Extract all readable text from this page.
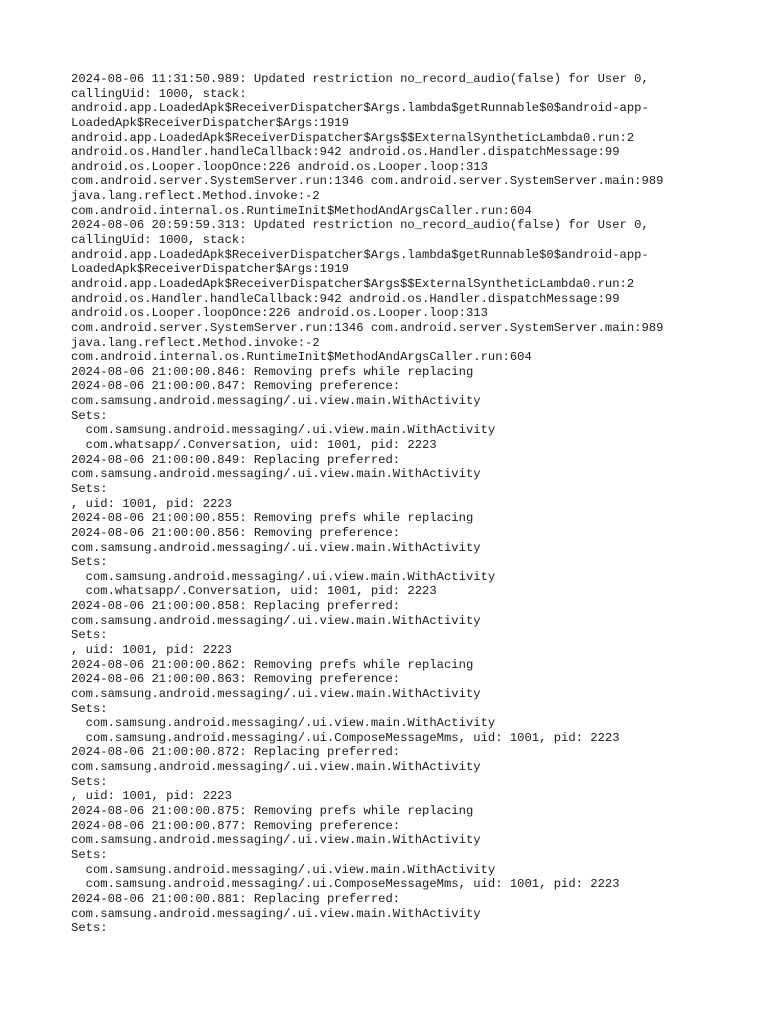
2024-08-06 11:31:50.989: Updated restriction no_record_audio(false) for User 0,
callingUid: 1000, stack:
android.app.LoadedApk$ReceiverDispatcher$Args.lambda$getRunnable$0$android-app-
LoadedApk$ReceiverDispatcher$Args:1919
android.app.LoadedApk$ReceiverDispatcher$Args$$ExternalSyntheticLambda0.run:2
android.os.Handler.handleCallback:942 android.os.Handler.dispatchMessage:99
android.os.Looper.loopOnce:226 android.os.Looper.loop:313
com.android.server.SystemServer.run:1346 com.android.server.SystemServer.main:989
java.lang.reflect.Method.invoke:-2
com.android.internal.os.RuntimeInit$MethodAndArgsCaller.run:604
2024-08-06 20:59:59.313: Updated restriction no_record_audio(false) for User 0,
callingUid: 1000, stack:
android.app.LoadedApk$ReceiverDispatcher$Args.lambda$getRunnable$0$android-app-
LoadedApk$ReceiverDispatcher$Args:1919
android.app.LoadedApk$ReceiverDispatcher$Args$$ExternalSyntheticLambda0.run:2
android.os.Handler.handleCallback:942 android.os.Handler.dispatchMessage:99
android.os.Looper.loopOnce:226 android.os.Looper.loop:313
com.android.server.SystemServer.run:1346 com.android.server.SystemServer.main:989
java.lang.reflect.Method.invoke:-2
com.android.internal.os.RuntimeInit$MethodAndArgsCaller.run:604
2024-08-06 21:00:00.846: Removing prefs while replacing
2024-08-06 21:00:00.847: Removing preference:
com.samsung.android.messaging/.ui.view.main.WithActivity
Sets:
com.samsung.android.messaging/.ui.view.main.WithActivity
com.whatsapp/.Conversation, uid: 1001, pid: 2223
2024-08-06 21:00:00.849: Replacing preferred:
com.samsung.android.messaging/.ui.view.main.WithActivity
Sets:
, uid: 1001, pid: 2223
2024-08-06 21:00:00.855: Removing prefs while replacing
2024-08-06 21:00:00.856: Removing preference:
com.samsung.android.messaging/.ui.view.main.WithActivity
Sets:
com.samsung.android.messaging/.ui.view.main.WithActivity
com.whatsapp/.Conversation, uid: 1001, pid: 2223
2024-08-06 21:00:00.858: Replacing preferred:
com.samsung.android.messaging/.ui.view.main.WithActivity
Sets:
, uid: 1001, pid: 2223
2024-08-06 21:00:00.862: Removing prefs while replacing
2024-08-06 21:00:00.863: Removing preference:
com.samsung.android.messaging/.ui.view.main.WithActivity
Sets:
com.samsung.android.messaging/.ui.view.main.WithActivity
com.samsung.android.messaging/.ui.ComposeMessageMms, uid: 1001, pid: 2223
2024-08-06 21:00:00.872: Replacing preferred:
com.samsung.android.messaging/.ui.view.main.WithActivity
Sets:
, uid: 1001, pid: 2223
2024-08-06 21:00:00.875: Removing prefs while replacing
2024-08-06 21:00:00.877: Removing preference:
com.samsung.android.messaging/.ui.view.main.WithActivity
Sets:
com.samsung.android.messaging/.ui.view.main.WithActivity
com.samsung.android.messaging/.ui.ComposeMessageMms, uid: 1001, pid: 2223
2024-08-06 21:00:00.881: Replacing preferred:
com.samsung.android.messaging/.ui.view.main.WithActivity
Sets:
